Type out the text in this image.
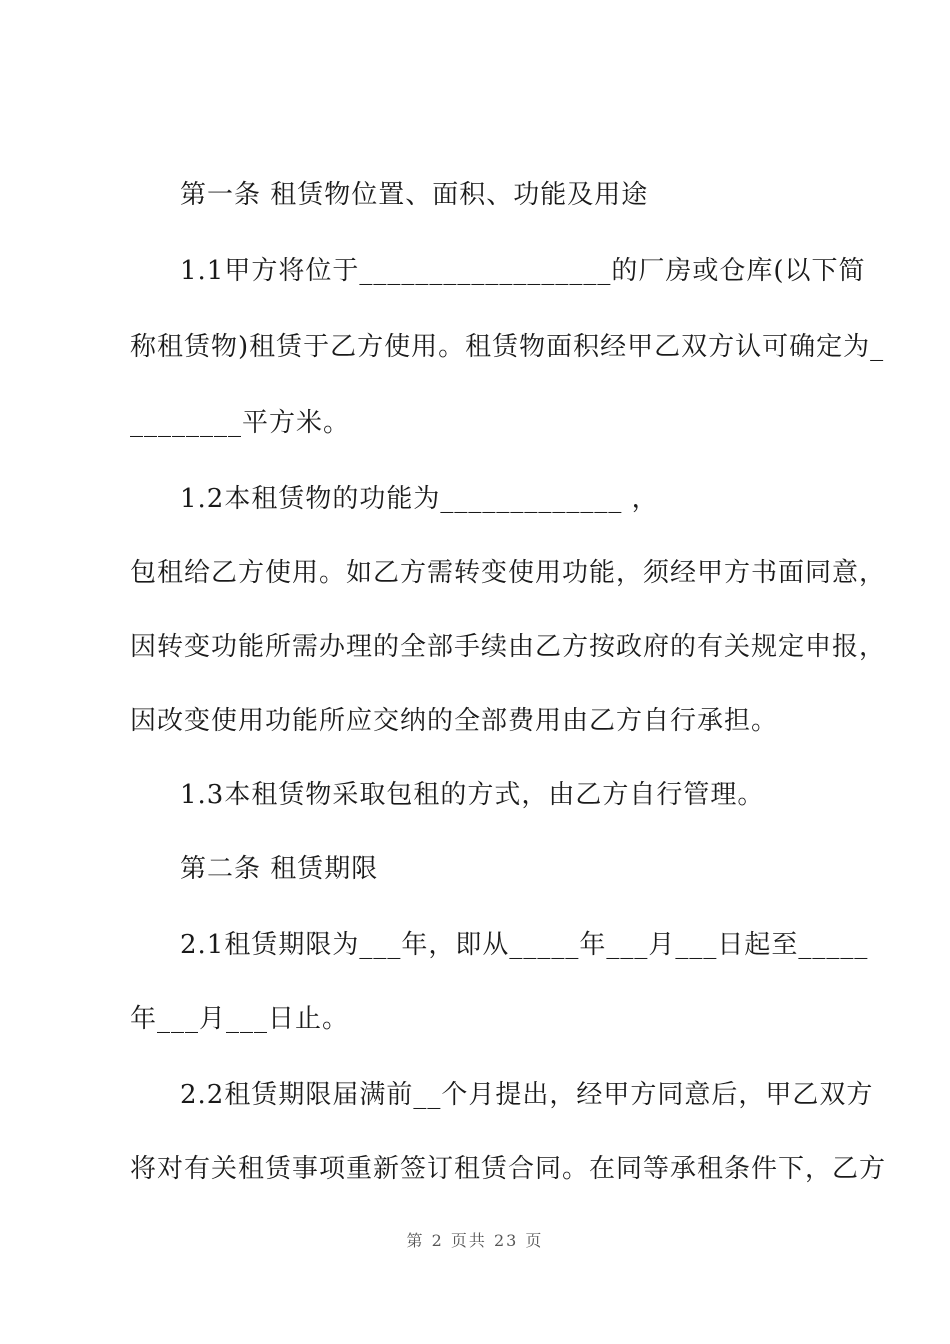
第一条 租赁物位置、面积、功能及用途
1.1甲方将位于__________________的厂房或仓库(以下简
称租赁物)租赁于乙方使用。租赁物面积经甲乙双方认可确定为_
________平方米。
1.2本租赁物的功能为_____________ ，
包租给乙方使用。如乙方需转变使用功能，须经甲方书面同意，
因转变功能所需办理的全部手续由乙方按政府的有关规定申报，
因改变使用功能所应交纳的全部费用由乙方自行承担。
1.3本租赁物采取包租的方式，由乙方自行管理。
第二条 租赁期限
2.1租赁期限为___年，即从_____年___月___日起至_____
年___月___日止。
2.2租赁期限届满前__个月提出，经甲方同意后，甲乙双方
将对有关租赁事项重新签订租赁合同。在同等承租条件下，乙方
第 2 页共 23 页
